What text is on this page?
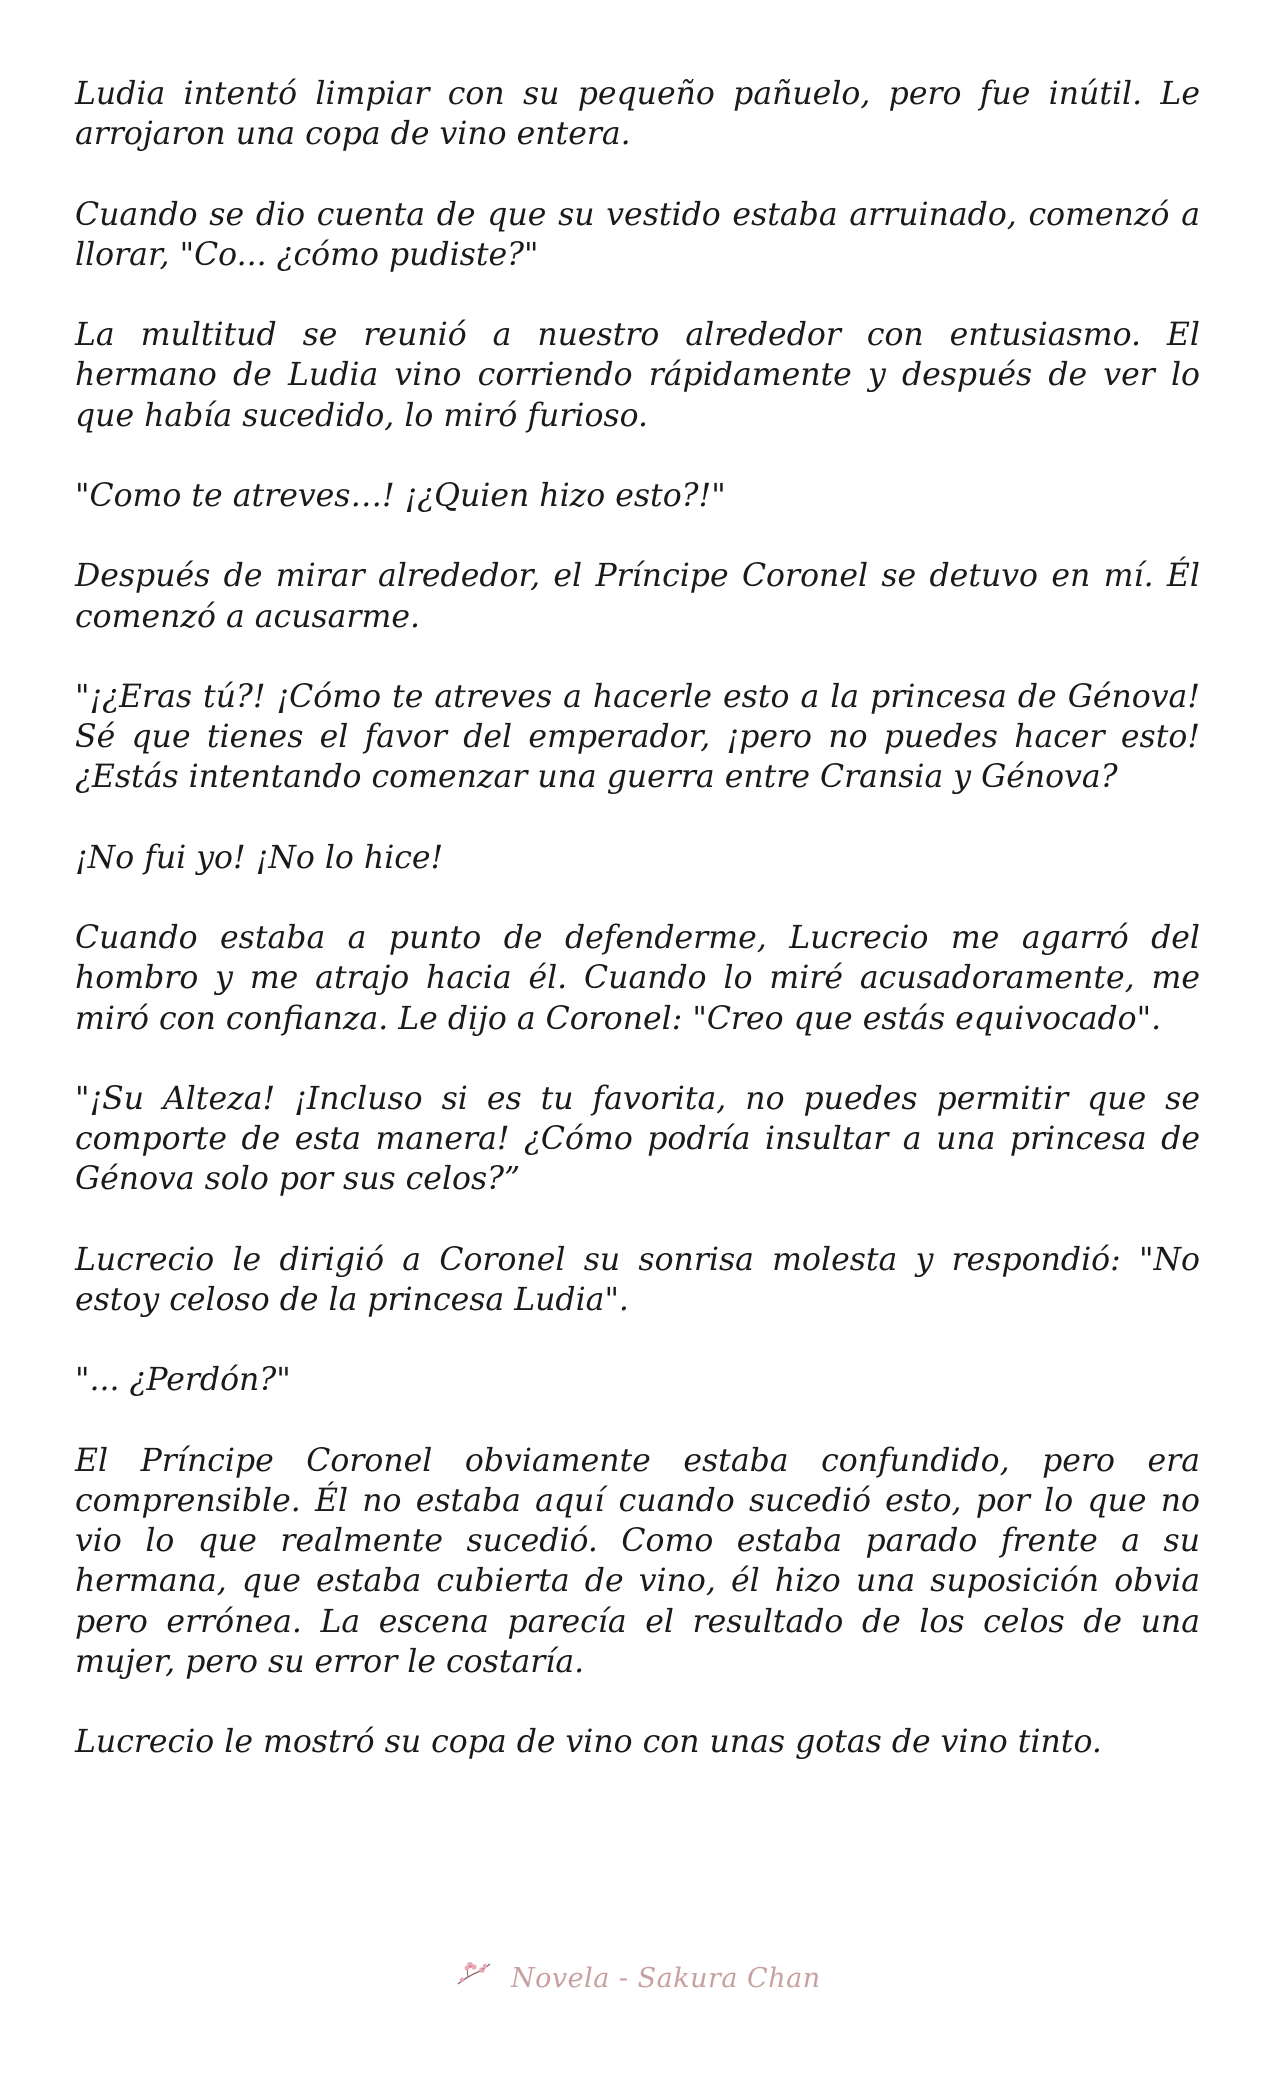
Ludia intentó limpiar con su pequeño pañuelo, pero fue inútil. Le arrojaron una copa de vino entera.

Cuando se dio cuenta de que su vestido estaba arruinado, comenzó a llorar, "Co... ¿cómo pudiste?"

La multitud se reunió a nuestro alrededor con entusiasmo. El hermano de Ludia vino corriendo rápidamente y después de ver lo que había sucedido, lo miró furioso.

"Como te atreves…! ¡¿Quien hizo esto?!"

Después de mirar alrededor, el Príncipe Coronel se detuvo en mí. Él comenzó a acusarme.

"¡¿Eras tú?! ¡Cómo te atreves a hacerle esto a la princesa de Génova! Sé que tienes el favor del emperador, ¡pero no puedes hacer esto! ¿Estás intentando comenzar una guerra entre Cransia y Génova?

¡No fui yo! ¡No lo hice!

Cuando estaba a punto de defenderme, Lucrecio me agarró del hombro y me atrajo hacia él. Cuando lo miré acusadoramente, me miró con confianza. Le dijo a Coronel: "Creo que estás equivocado".

"¡Su Alteza! ¡Incluso si es tu favorita, no puedes permitir que se comporte de esta manera! ¿Cómo podría insultar a una princesa de Génova solo por sus celos?”

Lucrecio le dirigió a Coronel su sonrisa molesta y respondió: "No estoy celoso de la princesa Ludia".

"... ¿Perdón?"

El Príncipe Coronel obviamente estaba confundido, pero era comprensible. Él no estaba aquí cuando sucedió esto, por lo que no vio lo que realmente sucedió. Como estaba parado frente a su hermana, que estaba cubierta de vino, él hizo una suposición obvia pero errónea. La escena parecía el resultado de los celos de una mujer, pero su error le costaría.

Lucrecio le mostró su copa de vino con unas gotas de vino tinto.

Novela - Sakura Chan
